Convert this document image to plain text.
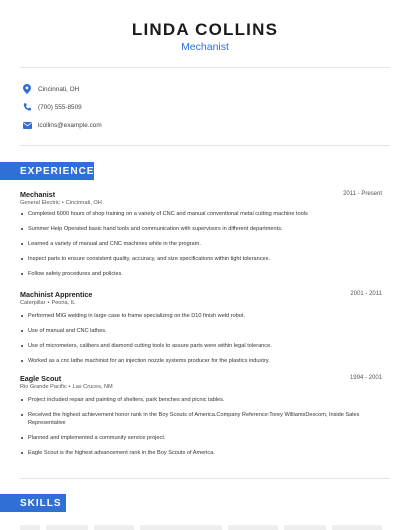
LINDA COLLINS
Mechanist
Cincinnati, OH
(700) 555-8509
lcollins@example.com
EXPERIENCE
Mechanist	2011 - Present
General Electric • Cincinnati, OH
Completed 6000 hours of shop training on a variety of CNC and manual conventional metal cutting machine tools
Summer Help Operated basic hand tools and communication with supervisors in different departments.
Learned a variety of manual and CNC machines while in the program.
Inspect parts to ensure consistent quality, accuracy, and size specifications within tight tolerances.
Follow safety procedures and policies.
Machinist Apprentice	2001 - 2011
Caterpillar • Peoria, IL
Performed MIG welding in large case to frame specializing on the D10 finish weld robot.
Use of manual and CNC lathes.
Use of micrometers, calibers and diamond cutting tools to assure parts were within legal tolerance.
Worked as a cnc lathe machinist for an injection nozzle systems producer for the plastics industry.
Eagle Scout	1994 - 2001
Rio Grande Pacific • Las Cruces, NM
Project included repair and painting of shelters, park benches and picnic tables.
Received the highest achievement honor rank in the Boy Scouts of America.Company Reference:Torey WilliamsDexcom, Inside Sales Representative
Planned and implemented a community service project.
Eagle Scout is the highest advancement rank in the Boy Scouts of America.
SKILLS
